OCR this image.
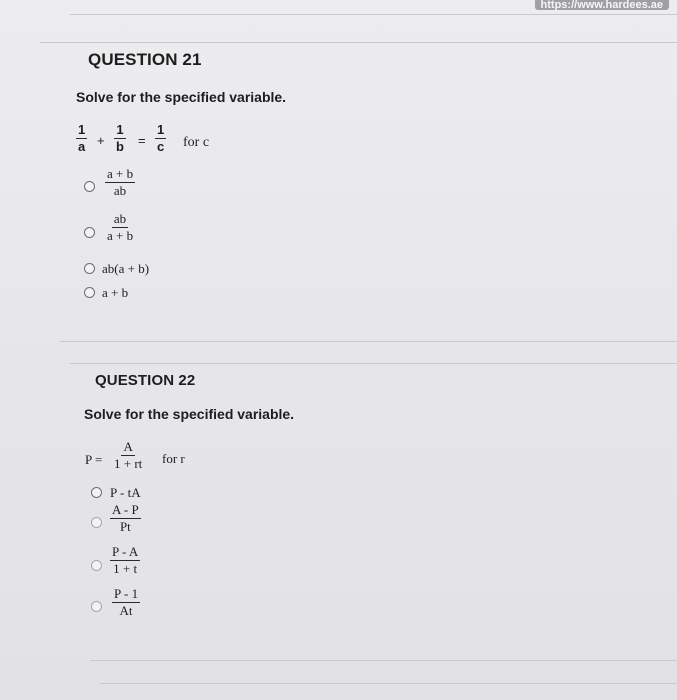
https://www.hardees.ae
QUESTION 21
Solve for the specified variable.
$\frac{1}{a} + \frac{1}{b} = \frac{1}{c}$ for c
$\frac{a + b}{ab}$
$\frac{ab}{a + b}$
ab(a + b)
a + b
QUESTION 22
Solve for the specified variable.
$P = \frac{A}{1 + rt}$ for r
P - tA
$\frac{A - P}{Pt}$
$\frac{P - A}{1 + t}$
$\frac{P - 1}{At}$
